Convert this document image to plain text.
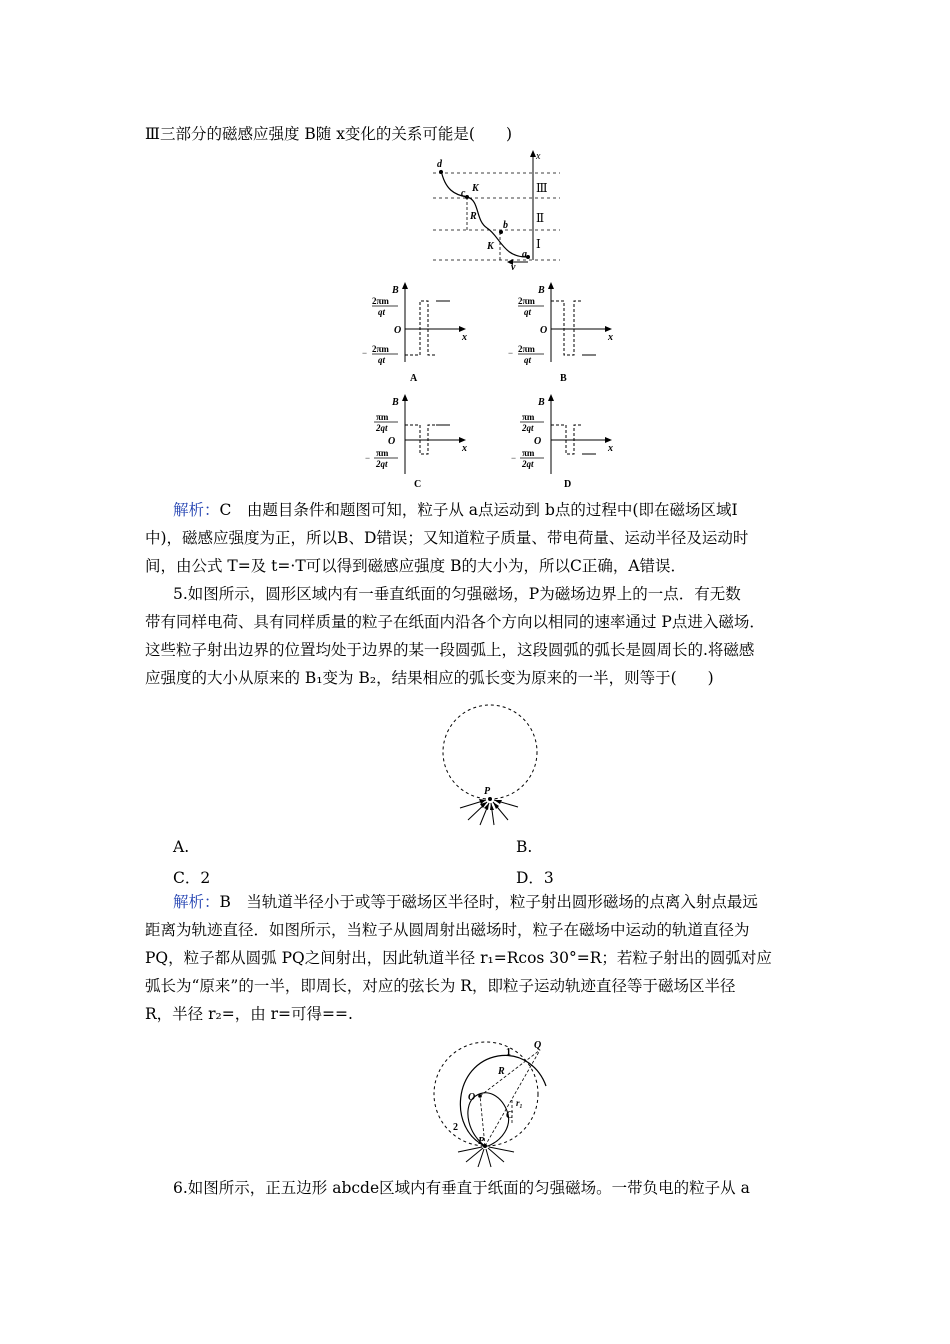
Ⅲ三部分的磁感应强度 B随 x变化的关系可能是(　　)
x
d
c
b
a
v
K
R
K
Ⅲ
Ⅱ
Ⅰ
B
O
x
2πm
qt
− 2πm
qt
A
B
O
x
2πm
qt
− 2πm
qt
B
B
O
x
πm
2qt
− πm
2qt
C
B
O
x
πm
2qt
− πm
2qt
D
解析：C　由题目条件和题图可知，粒子从 a点运动到 b点的过程中(即在磁场区域Ⅰ
中)，磁感应强度为正，所以B、D错误；又知道粒子质量、带电荷量、运动半径及运动时
间，由公式 T=及 t=·T可以得到磁感应强度 B的大小为，所以C正确，A错误．
5.如图所示，圆形区域内有一垂直纸面的匀强磁场，P为磁场边界上的一点．有无数
带有同样电荷、具有同样质量的粒子在纸面内沿各个方向以相同的速率通过 P点进入磁场．
这些粒子射出边界的位置均处于边界的某一段圆弧上，这段圆弧的弧长是圆周长的.将磁感
应强度的大小从原来的 B₁变为 B₂，结果相应的弧长变为原来的一半，则等于(　　)
P
A.	B.
C．2	D．3
解析：B　当轨道半径小于或等于磁场区半径时，粒子射出圆形磁场的点离入射点最远
距离为轨迹直径．如图所示，当粒子从圆周射出磁场时，粒子在磁场中运动的轨道直径为
PQ，粒子都从圆弧 PQ之间射出，因此轨道半径 r₁=Rcos 30°=R；若粒子射出的圆弧对应
弧长为“原来”的一半，即周长，对应的弦长为 R，即粒子运动轨迹直径等于磁场区半径
R，半径 r₂=，由 r=可得==.
1
2
Q
R
O
C
r₁
P
6.如图所示，正五边形 abcde区域内有垂直于纸面的匀强磁场。一带负电的粒子从 a
